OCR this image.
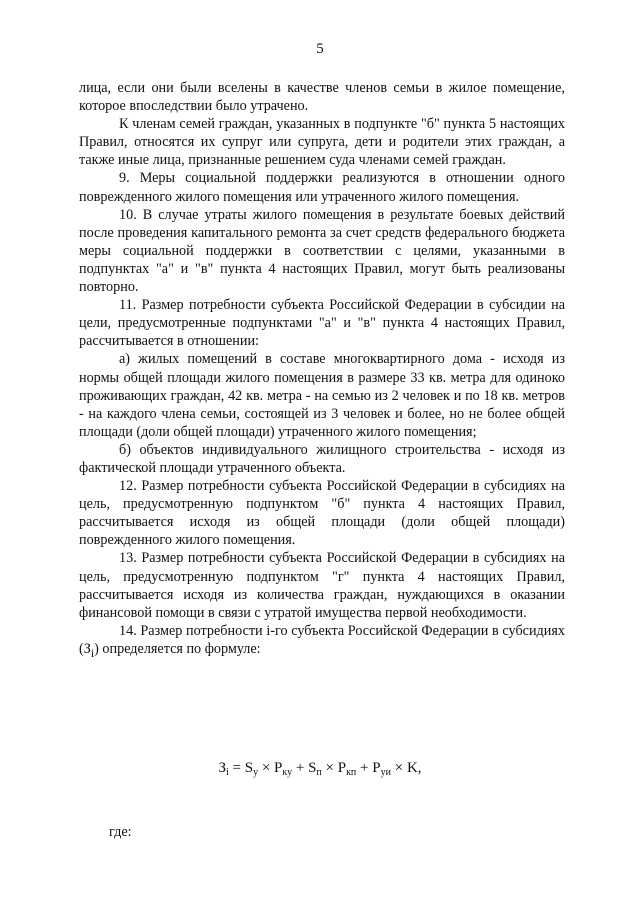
5

лица, если они были вселены в качестве членов семьи в жилое помещение, которое впоследствии было утрачено.

К членам семей граждан, указанных в подпункте "б" пункта 5 настоящих Правил, относятся их супруг или супруга, дети и родители этих граждан, а также иные лица, признанные решением суда членами семей граждан.

9. Меры социальной поддержки реализуются в отношении одного поврежденного жилого помещения или утраченного жилого помещения.

10. В случае утраты жилого помещения в результате боевых действий после проведения капитального ремонта за счет средств федерального бюджета меры социальной поддержки в соответствии с целями, указанными в подпунктах "а" и "в" пункта 4 настоящих Правил, могут быть реализованы повторно.

11. Размер потребности субъекта Российской Федерации в субсидии на цели, предусмотренные подпунктами "а" и "в" пункта 4 настоящих Правил, рассчитывается в отношении:

а) жилых помещений в составе многоквартирного дома - исходя из нормы общей площади жилого помещения в размере 33 кв. метра для одиноко проживающих граждан, 42 кв. метра - на семью из 2 человек и по 18 кв. метров - на каждого члена семьи, состоящей из 3 человек и более, но не более общей площади (доли общей площади) утраченного жилого помещения;

б) объектов индивидуального жилищного строительства - исходя из фактической площади утраченного объекта.

12. Размер потребности субъекта Российской Федерации в субсидиях на цель, предусмотренную подпунктом "б" пункта 4 настоящих Правил, рассчитывается исходя из общей площади (доли общей площади) поврежденного жилого помещения.

13. Размер потребности субъекта Российской Федерации в субсидиях на цель, предусмотренную подпунктом "г" пункта 4 настоящих Правил, рассчитывается исходя из количества граждан, нуждающихся в оказании финансовой помощи в связи с утратой имущества первой необходимости.

14. Размер потребности i-го субъекта Российской Федерации в субсидиях $(З_i)$ определяется по формуле:

$З_i = S_у \times Р_{ку} + S_п \times Р_{кп} + Р_{уи} \times K$,
где:
